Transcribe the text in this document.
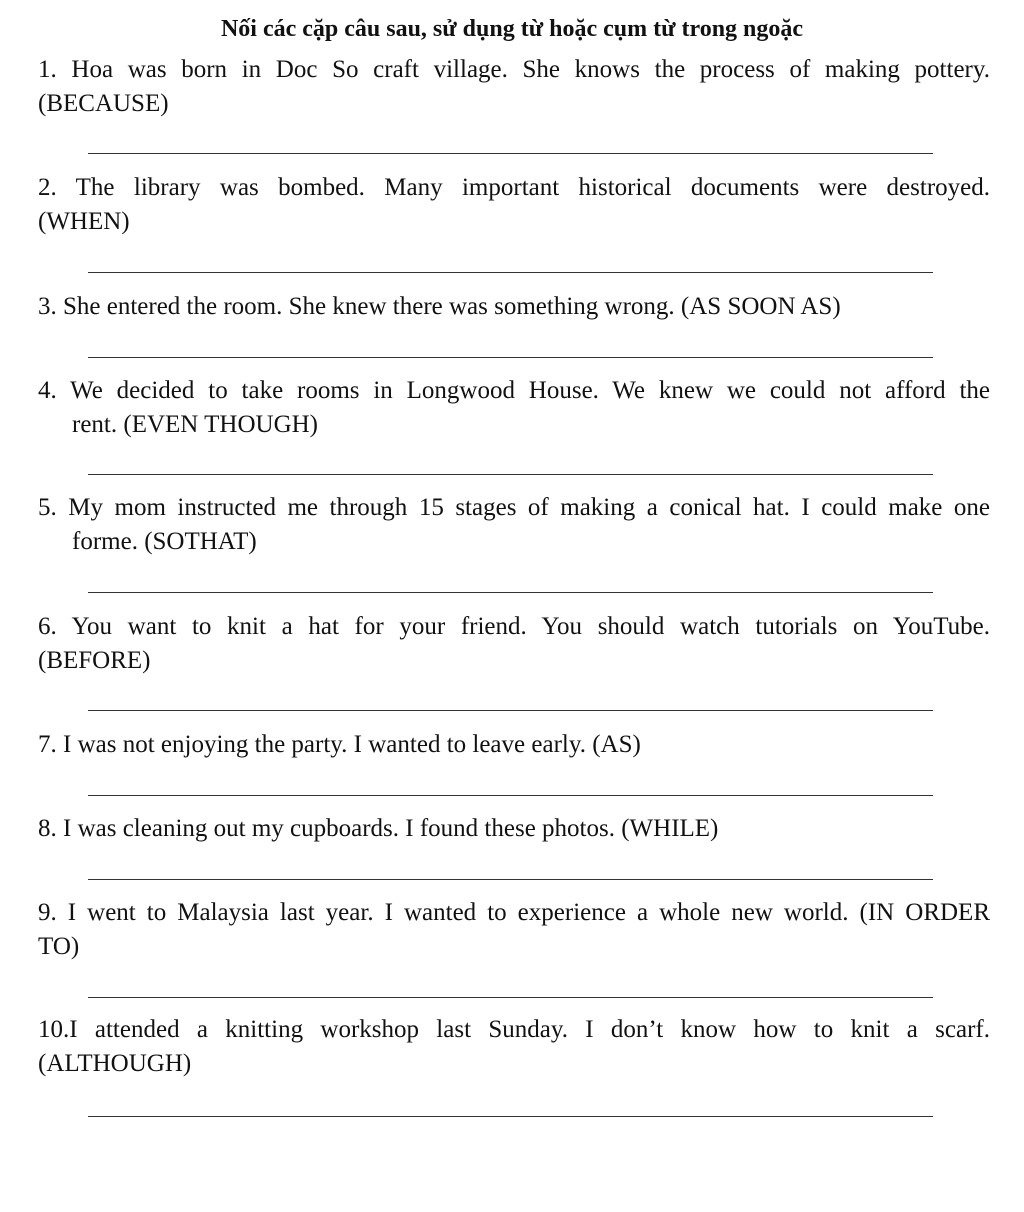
Nối các cặp câu sau, sử dụng từ hoặc cụm từ trong ngoặc
1. Hoa was born in Doc So craft village. She knows the process of making pottery.
(BECAUSE)
2. The library was bombed. Many important historical documents were destroyed.
(WHEN)
3. She entered the room. She knew there was something wrong. (AS SOON AS)
4. We decided to take rooms in Longwood House. We knew we could not afford the
rent. (EVEN THOUGH)
5. My mom instructed me through 15 stages of making a conical hat. I could make one
forme. (SOTHAT)
6. You want to knit a hat for your friend. You should watch tutorials on YouTube.
(BEFORE)
7. I was not enjoying the party. I wanted to leave early. (AS)
8. I was cleaning out my cupboards. I found these photos. (WHILE)
9. I went to Malaysia last year. I wanted to experience a whole new world. (IN ORDER
TO)
10.I attended a knitting workshop last Sunday. I don’t know how to knit a scarf.
(ALTHOUGH)
